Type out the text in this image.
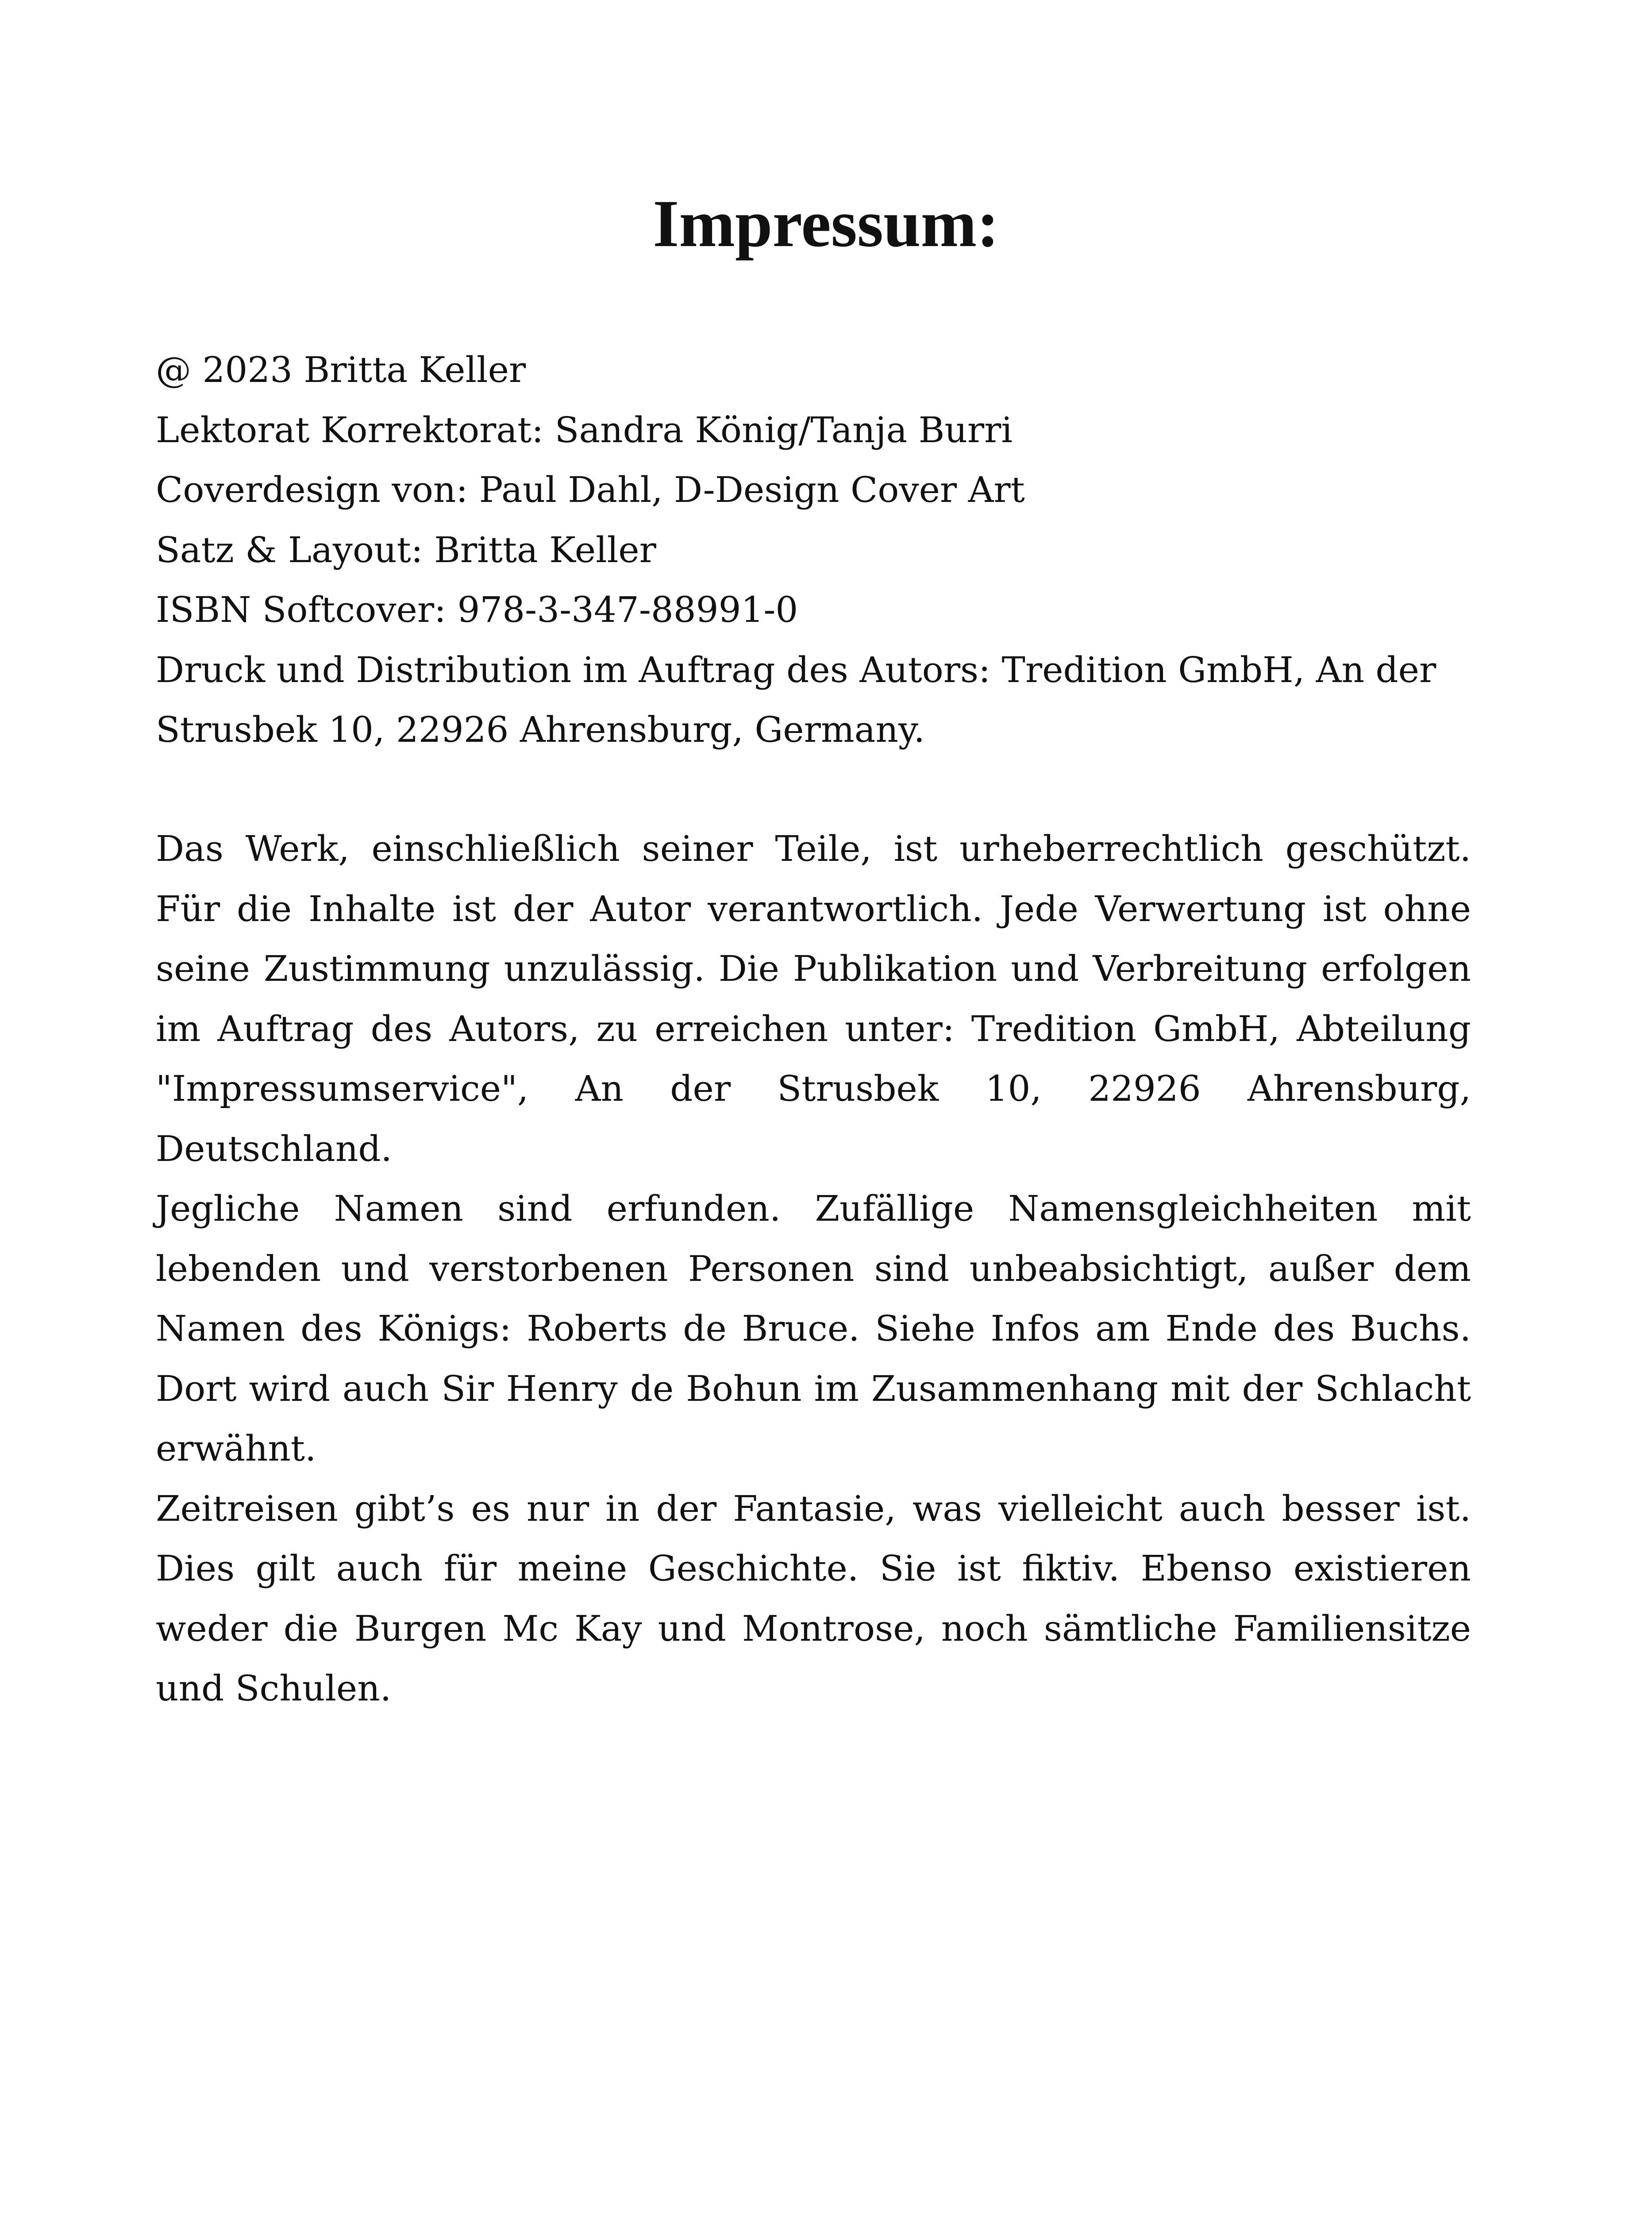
Impressum:
@ 2023 Britta Keller
Lektorat Korrektorat: Sandra König/Tanja Burri
Coverdesign von: Paul Dahl, D-Design Cover Art
Satz & Layout: Britta Keller
ISBN Softcover: 978-3-347-88991-0
Druck und Distribution im Auftrag des Autors: Tredition GmbH, An der
Strusbek 10, 22926 Ahrensburg, Germany.

Das Werk, einschließlich seiner Teile, ist urheberrechtlich geschützt. Für die Inhalte ist der Autor verantwortlich. Jede Verwertung ist ohne seine Zustimmung unzulässig. Die Publikation und Verbreitung erfolgen im Auftrag des Autors, zu erreichen unter: Tredition GmbH, Abteilung "Impressumservice", An der Strusbek 10, 22926 Ahrensburg, Deutschland.

Jegliche Namen sind erfunden. Zufällige Namensgleichheiten mit lebenden und verstorbenen Personen sind unbeabsichtigt, außer dem Namen des Königs: Roberts de Bruce. Siehe Infos am Ende des Buchs. Dort wird auch Sir Henry de Bohun im Zusammenhang mit der Schlacht erwähnt.

Zeitreisen gibt’s es nur in der Fantasie, was vielleicht auch besser ist. Dies gilt auch für meine Geschichte. Sie ist fiktiv. Ebenso existieren weder die Burgen Mc Kay und Montrose, noch sämtliche Familiensitze und Schulen.
